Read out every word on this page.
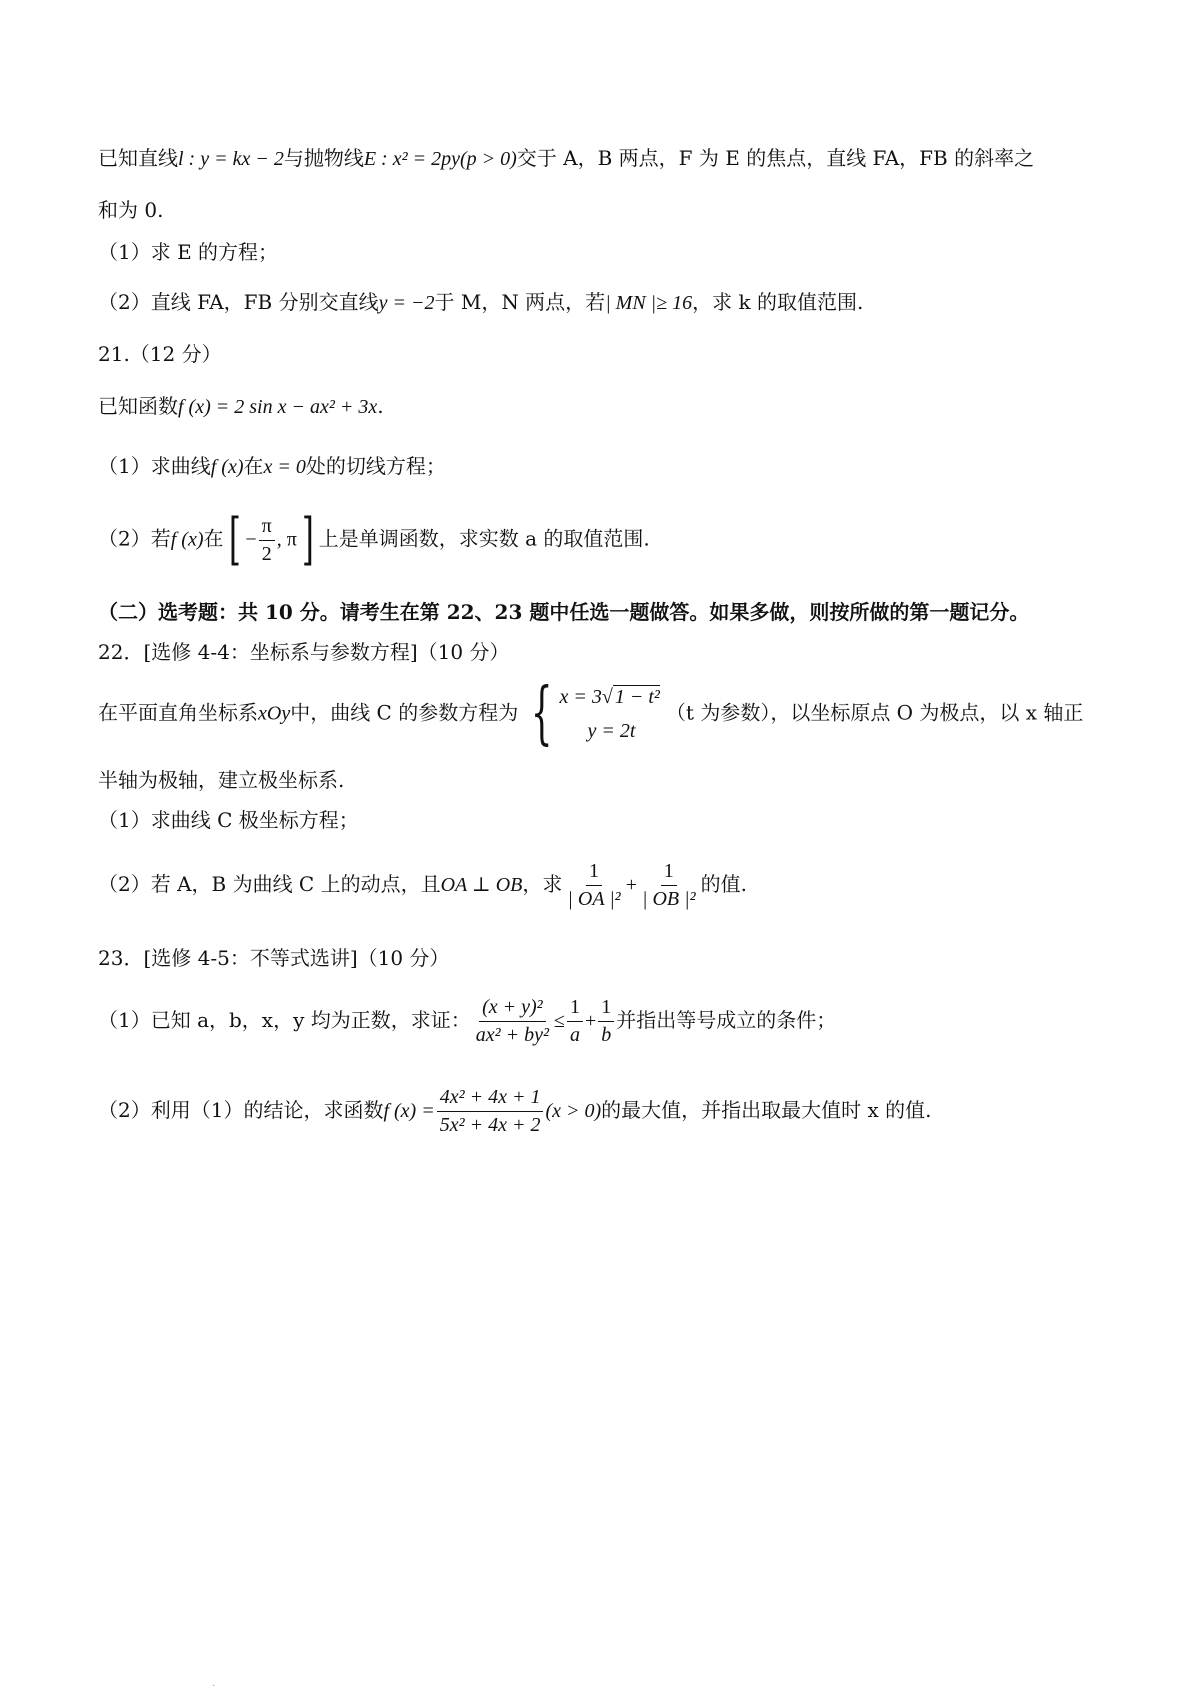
已知直线l : y = kx − 2与抛物线E : x² = 2py(p > 0)交于 A，B 两点，F 为 E 的焦点，直线 FA，FB 的斜率之
和为 0.
（1）求 E 的方程；
（2）直线 FA，FB 分别交直线y = −2于 M，N 两点，若| MN |≥ 16，求 k 的取值范围.
21.（12 分）
已知函数f (x) = 2 sin x − ax² + 3x.
（1）求曲线f (x)在x = 0处的切线方程；
（2）若f (x)在[ − $\frac{\pi}{2}$ , π] 上是单调函数，求实数 a 的取值范围.
（二）选考题：共 10 分。请考生在第 22、23 题中任选一题做答。如果多做，则按所做的第一题记分。
22．[选修 4-4：坐标系与参数方程]（10 分）
在平面直角坐标系xOy中，曲线 C 的参数方程为 { x = 3√ 1 − t²
y = 2t
（t 为参数），以坐标原点 O 为极点，以 x 轴正
半轴为极轴，建立极坐标系.
（1）求曲线 C 极坐标方程；
（2）若 A，B 为曲线 C 上的动点，且OA ⊥ OB，求 $\frac{1}{\text{| OA |²}} + \frac{1}{\text{| OB |²}}$ 的值.
23．[选修 4-5：不等式选讲]（10 分）
（1）已知 a，b，x，y 均为正数，求证： $\frac{\text{(x + y)²}}{\text{ax² + by²}} \le \frac{1}{a} + \frac{1}{b}$ 并指出等号成立的条件；
（2）利用（1）的结论，求函数f $(x) = \frac{\text{4x² + 4x + 1}}{\text{5x² + 4x + 2}} (x > 0)$的最大值，并指出取最大值时 x 的值.
.
